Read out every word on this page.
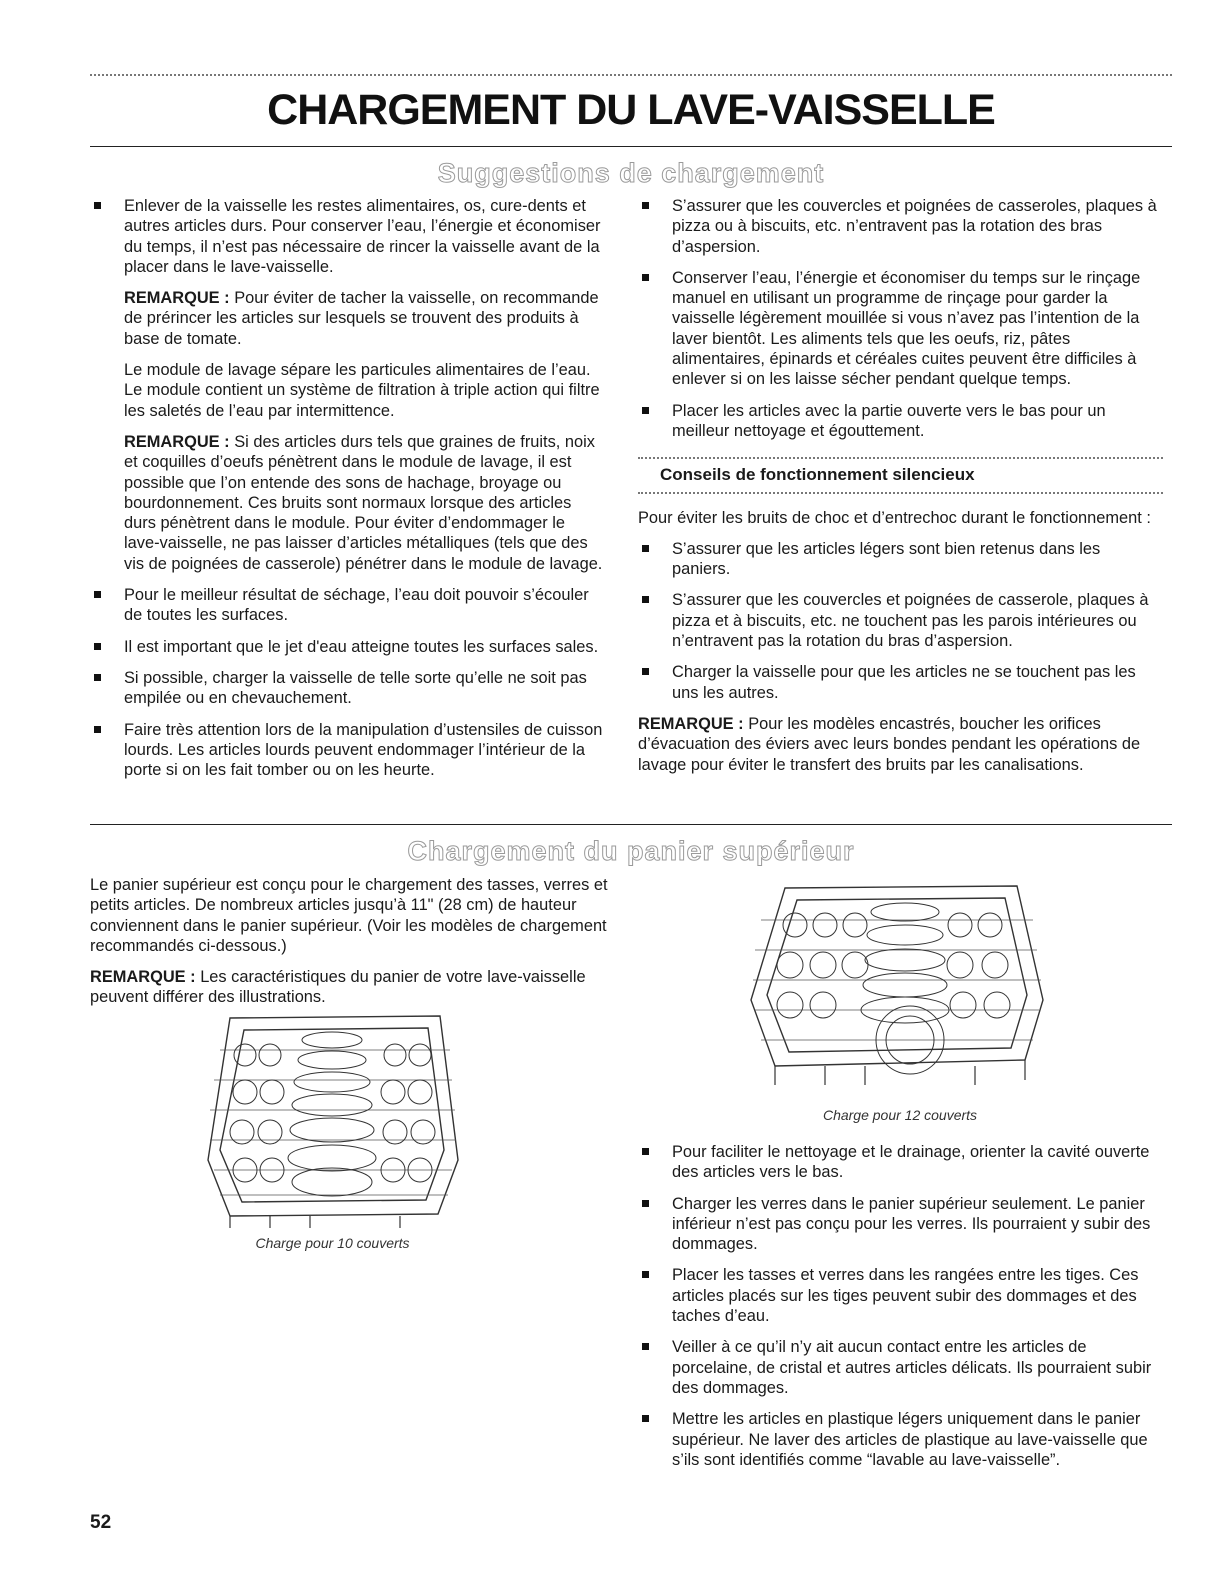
CHARGEMENT DU LAVE-VAISSELLE
Suggestions de chargement
Enlever de la vaisselle les restes alimentaires, os, cure-dents et autres articles durs. Pour conserver l’eau, l’énergie et économiser du temps, il n’est pas nécessaire de rincer la vaisselle avant de la placer dans le lave-vaisselle.

REMARQUE : Pour éviter de tacher la vaisselle, on recommande de prérincer les articles sur lesquels se trouvent des produits à base de tomate.

Le module de lavage sépare les particules alimentaires de l’eau. Le module contient un système de filtration à triple action qui filtre les saletés de l’eau par intermittence.

REMARQUE : Si des articles durs tels que graines de fruits, noix et coquilles d’oeufs pénètrent dans le module de lavage, il est possible que l’on entende des sons de hachage, broyage ou bourdonnement. Ces bruits sont normaux lorsque des articles durs pénètrent dans le module. Pour éviter d’endommager le lave-vaisselle, ne pas laisser d’articles métalliques (tels que des vis de poignées de casserole) pénétrer dans le module de lavage.

Pour le meilleur résultat de séchage, l’eau doit pouvoir s’écouler de toutes les surfaces.
Il est important que le jet d'eau atteigne toutes les surfaces sales.
Si possible, charger la vaisselle de telle sorte qu’elle ne soit pas empilée ou en chevauchement.
Faire très attention lors de la manipulation d’ustensiles de cuisson lourds. Les articles lourds peuvent endommager l’intérieur de la porte si on les fait tomber ou on les heurte.
S’assurer que les couvercles et poignées de casseroles, plaques à pizza ou à biscuits, etc. n’entravent pas la rotation des bras d’aspersion.
Conserver l’eau, l’énergie et économiser du temps sur le rinçage manuel en utilisant un programme de rinçage pour garder la vaisselle légèrement mouillée si vous n’avez pas l’intention de la laver bientôt. Les aliments tels que les oeufs, riz, pâtes alimentaires, épinards et céréales cuites peuvent être difficiles à enlever si on les laisse sécher pendant quelque temps.
Placer les articles avec la partie ouverte vers le bas pour un meilleur nettoyage et égouttement.
Conseils de fonctionnement silencieux

Pour éviter les bruits de choc et d’entrechoc durant le fonctionnement :

S’assurer que les articles légers sont bien retenus dans les paniers.
S’assurer que les couvercles et poignées de casserole, plaques à pizza et à biscuits, etc. ne touchent pas les parois intérieures ou n’entravent pas la rotation du bras d’aspersion.
Charger la vaisselle pour que les articles ne se touchent pas les uns les autres.

REMARQUE : Pour les modèles encastrés, boucher les orifices d’évacuation des éviers avec leurs bondes pendant les opérations de lavage pour éviter le transfert des bruits par les canalisations.

Chargement du panier supérieur

Le panier supérieur est conçu pour le chargement des tasses, verres et petits articles. De nombreux articles jusqu’à 11" (28 cm) de hauteur conviennent dans le panier supérieur. (Voir les modèles de chargement recommandés ci-dessous.)

REMARQUE : Les caractéristiques du panier de votre lave-vaisselle peuvent différer des illustrations.

Charge pour 10 couverts
Charge pour 12 couverts
Pour faciliter le nettoyage et le drainage, orienter la cavité ouverte des articles vers le bas.
Charger les verres dans le panier supérieur seulement. Le panier inférieur n’est pas conçu pour les verres. Ils pourraient y subir des dommages.
Placer les tasses et verres dans les rangées entre les tiges. Ces articles placés sur les tiges peuvent subir des dommages et des taches d’eau.
Veiller à ce qu’il n’y ait aucun contact entre les articles de porcelaine, de cristal et autres articles délicats. Ils pourraient subir des dommages.
Mettre les articles en plastique légers uniquement dans le panier supérieur. Ne laver des articles de plastique au lave-vaisselle que s’ils sont identifiés comme “lavable au lave-vaisselle”.
52
